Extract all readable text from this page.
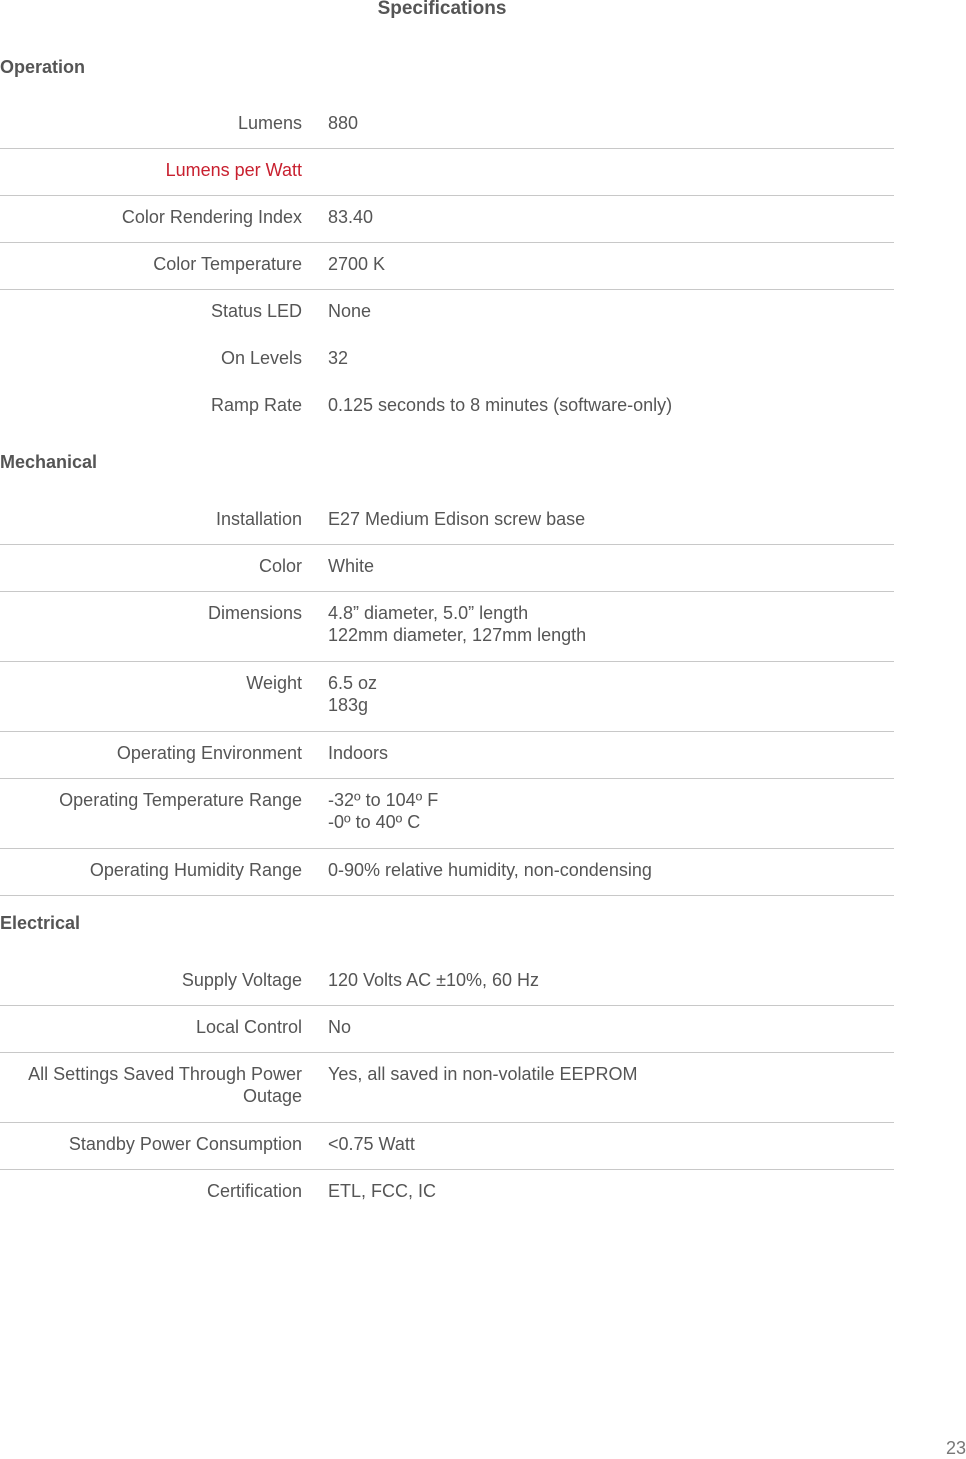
Specifications
Operation
Lumens 880
Lumens per Watt
Color Rendering Index 83.40
Color Temperature 2700 K
Status LED None
On Levels 32
Ramp Rate 0.125 seconds to 8 minutes (software-only)
Mechanical
Installation E27 Medium Edison screw base
Color White
Dimensions 4.8” diameter, 5.0” length
122mm diameter, 127mm length
Weight 6.5 oz
183g
Operating Environment Indoors
Operating Temperature Range -32º to 104º F
-0º to 40º C
Operating Humidity Range 0-90% relative humidity, non-condensing
Electrical
Supply Voltage 120 Volts AC ±10%, 60 Hz
Local Control No
All Settings Saved Through Power Outage
Yes, all saved in non-volatile EEPROM
Standby Power Consumption <0.75 Watt
Certification ETL, FCC, IC
23
